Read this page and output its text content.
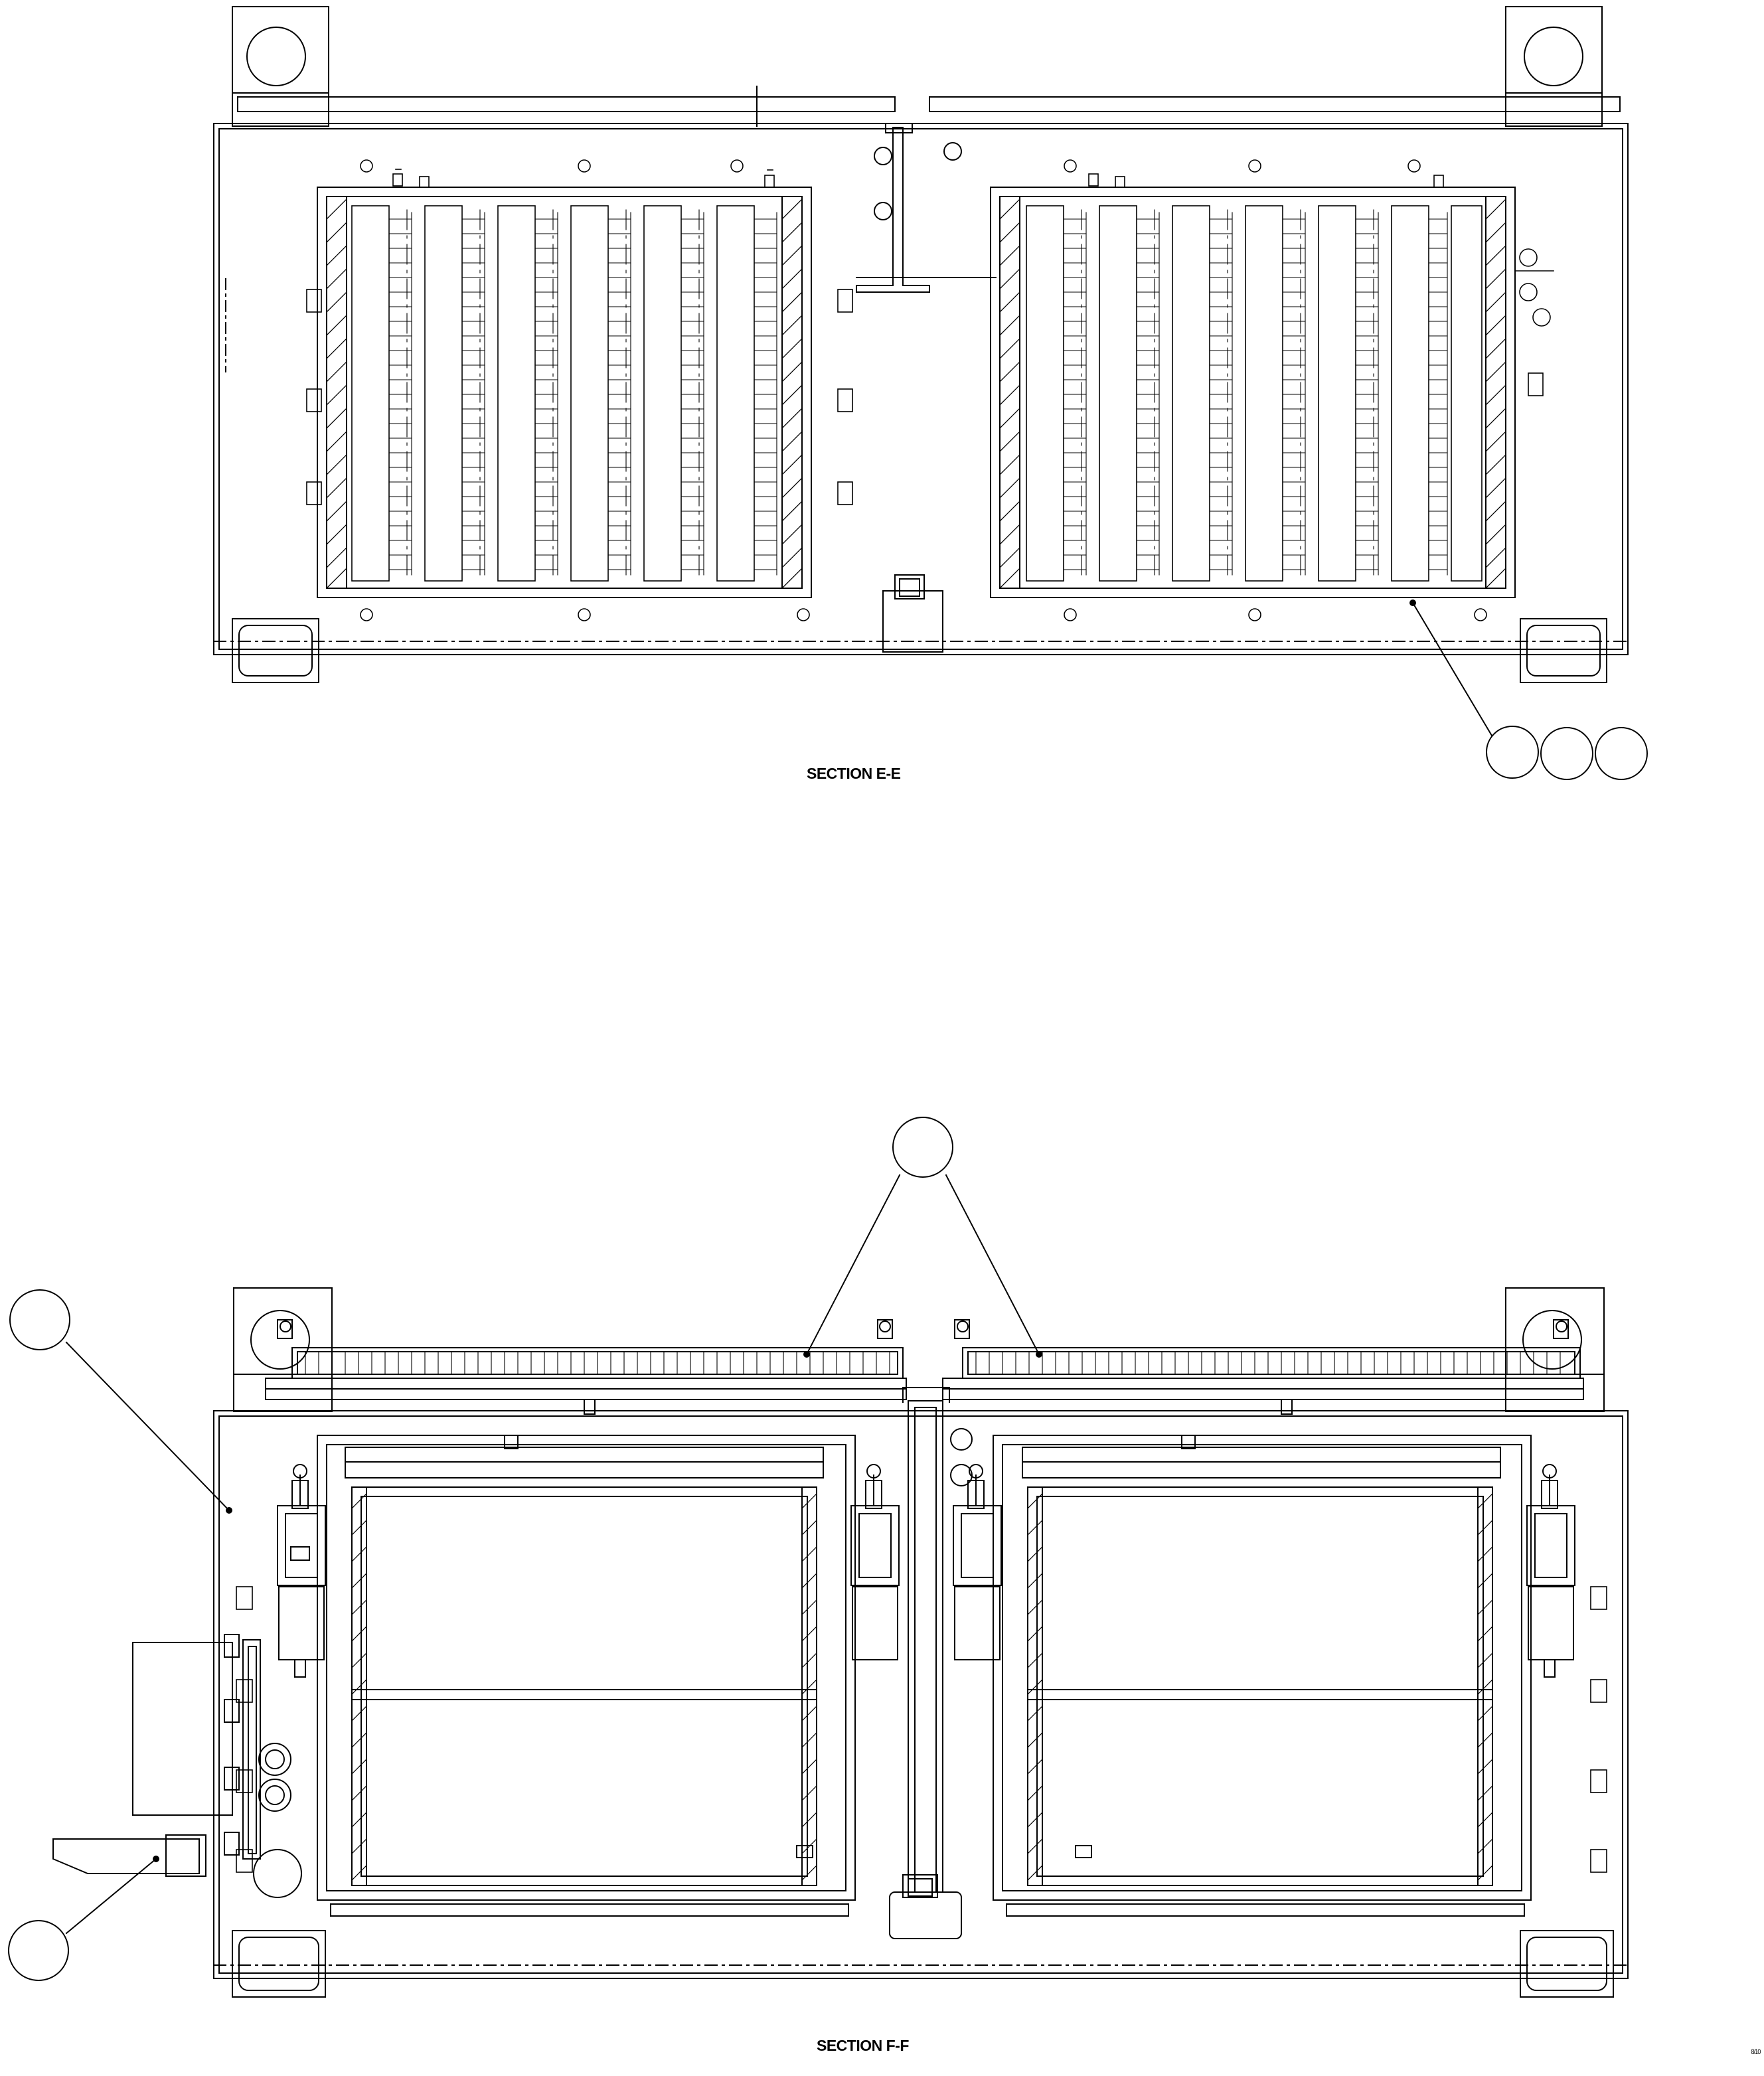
SECTION E-E
SECTION F-F	8/10
